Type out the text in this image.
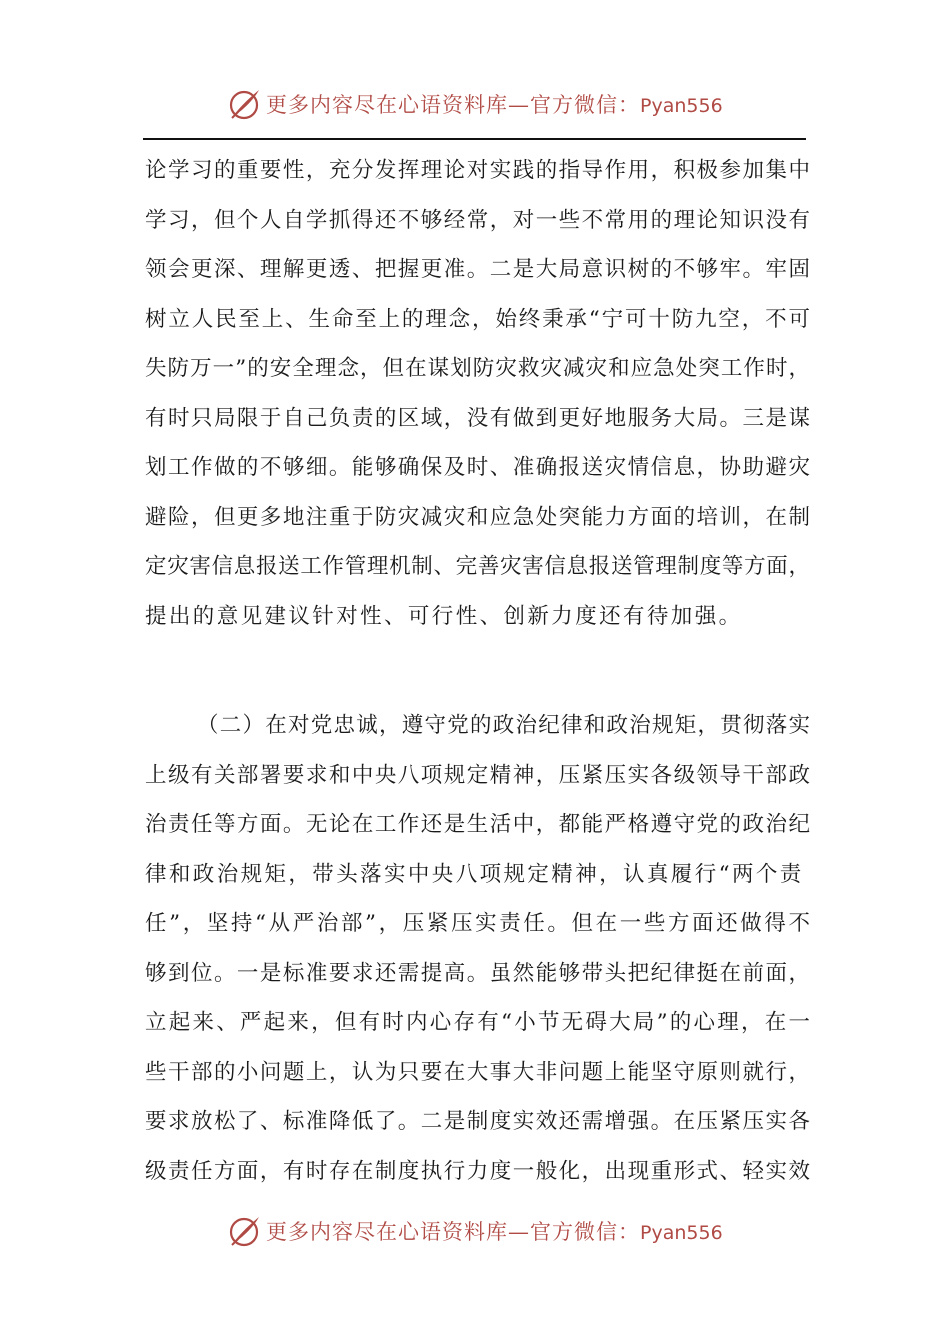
更多内容尽在心语资料库—官方微信：Pyan556
论学习的重要性，充分发挥理论对实践的指导作用，积极参加集中
学习，但个人自学抓得还不够经常，对一些不常用的理论知识没有
领会更深、理解更透、把握更准。二是大局意识树的不够牢。牢固
树立人民至上、生命至上的理念，始终秉承“宁可十防九空，不可
失防万一”的安全理念，但在谋划防灾救灾减灾和应急处突工作时，
有时只局限于自己负责的区域，没有做到更好地服务大局。三是谋
划工作做的不够细。能够确保及时、准确报送灾情信息，协助避灾
避险，但更多地注重于防灾减灾和应急处突能力方面的培训，在制
定灾害信息报送工作管理机制、完善灾害信息报送管理制度等方面，
提出的意见建议针对性、可行性、创新力度还有待加强。
（二）在对党忠诚，遵守党的政治纪律和政治规矩，贯彻落实
上级有关部署要求和中央八项规定精神，压紧压实各级领导干部政
治责任等方面。无论在工作还是生活中，都能严格遵守党的政治纪
律和政治规矩，带头落实中央八项规定精神，认真履行“两个责
任”，坚持“从严治部”，压紧压实责任。但在一些方面还做得不
够到位。一是标准要求还需提高。虽然能够带头把纪律挺在前面，
立起来、严起来，但有时内心存有“小节无碍大局”的心理，在一
些干部的小问题上，认为只要在大事大非问题上能坚守原则就行，
要求放松了、标准降低了。二是制度实效还需增强。在压紧压实各
级责任方面，有时存在制度执行力度一般化，出现重形式、轻实效
更多内容尽在心语资料库—官方微信：Pyan556
